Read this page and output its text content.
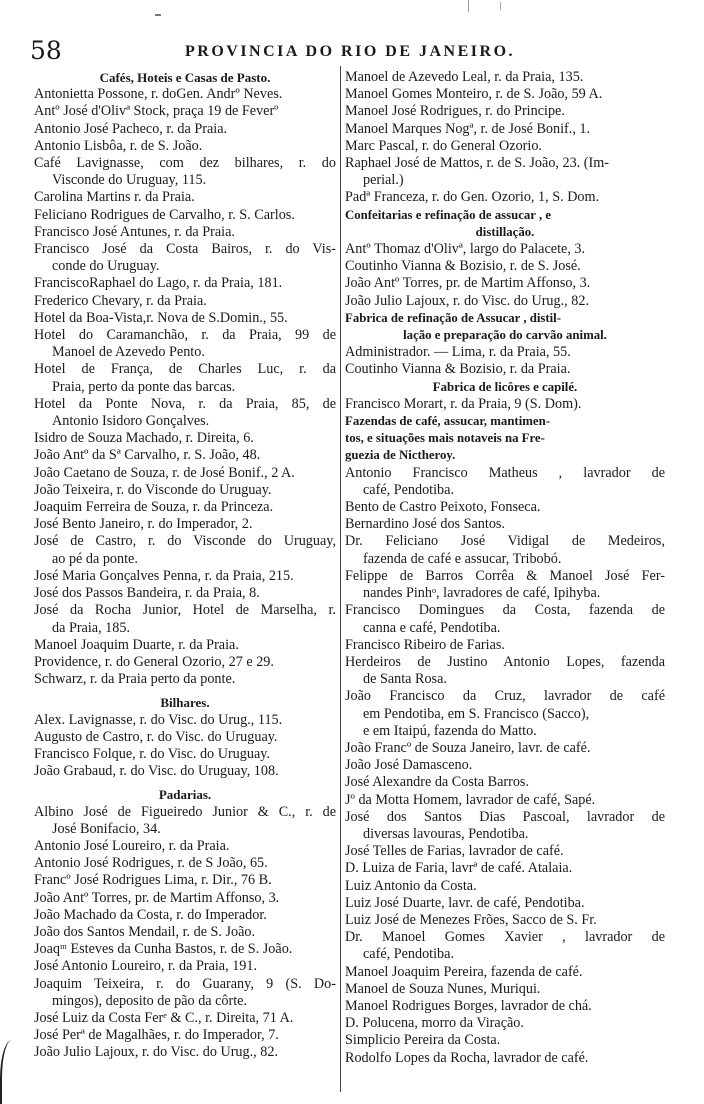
58	PROVINCIA DO RIO DE JANEIRO.
Cafés, Hoteis e Casas de Pasto.
Antonietta Possone, r. doGen. Andrº Neves.
Antº José d'Olivª Stock, praça 19 de Feverº
Antonio José Pacheco, r. da Praia.
Antonio Lisbôa, r. de S. João.
Café Lavignasse, com dez bilhares, r. do
Visconde do Uruguay, 115.
Carolina Martins r. da Praia.
Feliciano Rodrigues de Carvalho, r. S. Carlos.
Francisco José Antunes, r. da Praia.
Francisco José da Costa Bairos, r. do Vis-
conde do Uruguay.
FranciscoRaphael do Lago, r. da Praia, 181.
Frederico Chevary, r. da Praia.
Hotel da Boa-Vista,r. Nova de S.Domin., 55.
Hotel do Caramanchão, r. da Praia, 99 de
Manoel de Azevedo Pento.
Hotel de França, de Charles Luc, r. da
Praia, perto da ponte das barcas.
Hotel da Ponte Nova, r. da Praia, 85, de
Antonio Isidoro Gonçalves.
Isidro de Souza Machado, r. Direita, 6.
João Antº da Sª Carvalho, r. S. João, 48.
João Caetano de Souza, r. de José Bonif., 2 A.
João Teixeira, r. do Visconde do Uruguay.
Joaquim Ferreira de Souza, r. da Princeza.
José Bento Janeiro, r. do Imperador, 2.
José de Castro, r. do Visconde do Uruguay,
ao pé da ponte.
José Maria Gonçalves Penna, r. da Praia, 215.
José dos Passos Bandeira, r. da Praia, 8.
José da Rocha Junior, Hotel de Marselha, r.
da Praia, 185.
Manoel Joaquim Duarte, r. da Praia.
Providence, r. do General Ozorio, 27 e 29.
Schwarz, r. da Praia perto da ponte.
Bilhares.
Alex. Lavignasse, r. do Visc. do Urug., 115.
Augusto de Castro, r. do Visc. do Uruguay.
Francisco Folque, r. do Visc. do Uruguay.
João Grabaud, r. do Visc. do Uruguay, 108.
Padarias.
Albino José de Figueiredo Junior & C., r. de
José Bonifacio, 34.
Antonio José Loureiro, r. da Praia.
Antonio José Rodrigues, r. de S João, 65.
Francº José Rodrigues Lima, r. Dir., 76 B.
João Antº Torres, pr. de Martim Affonso, 3.
João Machado da Costa, r. do Imperador.
João dos Santos Mendail, r. de S. João.
Joaqᵐ Esteves da Cunha Bastos, r. de S. João.
José Antonio Loureiro, r. da Praia, 191.
Joaquim Teixeira, r. do Guarany, 9 (S. Do-
mingos), deposito de pão da côrte.
José Luiz da Costa Ferᵉ & C., r. Direita, 71 A.
José Perª de Magalhães, r. do Imperador, 7.
João Julio Lajoux, r. do Visc. do Urug., 82.
Manoel de Azevedo Leal, r. da Praia, 135.
Manoel Gomes Monteiro, r. de S. João, 59 A.
Manoel José Rodrigues, r. do Principe.
Manoel Marques Nogª, r. de José Bonif., 1.
Marc Pascal, r. do General Ozorio.
Raphael José de Mattos, r. de S. João, 23. (Im-
perial.)
Padª Franceza, r. do Gen. Ozorio, 1, S. Dom.
Confeitarias e refinação de assucar , e
distillação.
Antº Thomaz d'Olivª, largo do Palacete, 3.
Coutinho Vianna & Bozisio, r. de S. José.
João Antº Torres, pr. de Martim Affonso, 3.
João Julio Lajoux, r. do Visc. do Urug., 82.
Fabrica de refinação de Assucar , distil-
lação e preparação do carvão animal.
Administrador. — Lima, r. da Praia, 55.
Coutinho Vianna & Bozisio, r. da Praia.
Fabrica de licôres e capilé.
Francisco Morart, r. da Praia, 9 (S. Dom).
Fazendas de café, assucar, mantimen-
tos, e situações mais notaveis na Fre-
guezia de Nictheroy.
Antonio Francisco Matheus , lavrador de
café, Pendotiba.
Bento de Castro Peixoto, Fonseca.
Bernardino José dos Santos.
Dr. Feliciano José Vidigal de Medeiros,
fazenda de café e assucar, Tribobó.
Felippe de Barros Corrêa & Manoel José Fer-
nandes Pinhᵒ, lavradores de café, Ipihyba.
Francisco Domingues da Costa, fazenda de
canna e café, Pendotiba.
Francisco Ribeiro de Farias.
Herdeiros de Justino Antonio Lopes, fazenda
de Santa Rosa.
João Francisco da Cruz, lavrador de café
em Pendotiba, em S. Francisco (Sacco),
e em Itaipú, fazenda do Matto.
João Francº de Souza Janeiro, lavr. de café.
João José Damasceno.
José Alexandre da Costa Barros.
Jº da Motta Homem, lavrador de café, Sapé.
José dos Santos Dias Pascoal, lavrador de
diversas lavouras, Pendotiba.
José Telles de Farias, lavrador de café.
D. Luiza de Faria, lavrª de café. Atalaia.
Luiz Antonio da Costa.
Luiz José Duarte, lavr. de café, Pendotiba.
Luiz José de Menezes Frões, Sacco de S. Fr.
Dr. Manoel Gomes Xavier , lavrador de
café, Pendotiba.
Manoel Joaquim Pereira, fazenda de café.
Manoel de Souza Nunes, Muriqui.
Manoel Rodrigues Borges, lavrador de chá.
D. Polucena, morro da Viração.
Simplicio Pereira da Costa.
Rodolfo Lopes da Rocha, lavrador de café.
